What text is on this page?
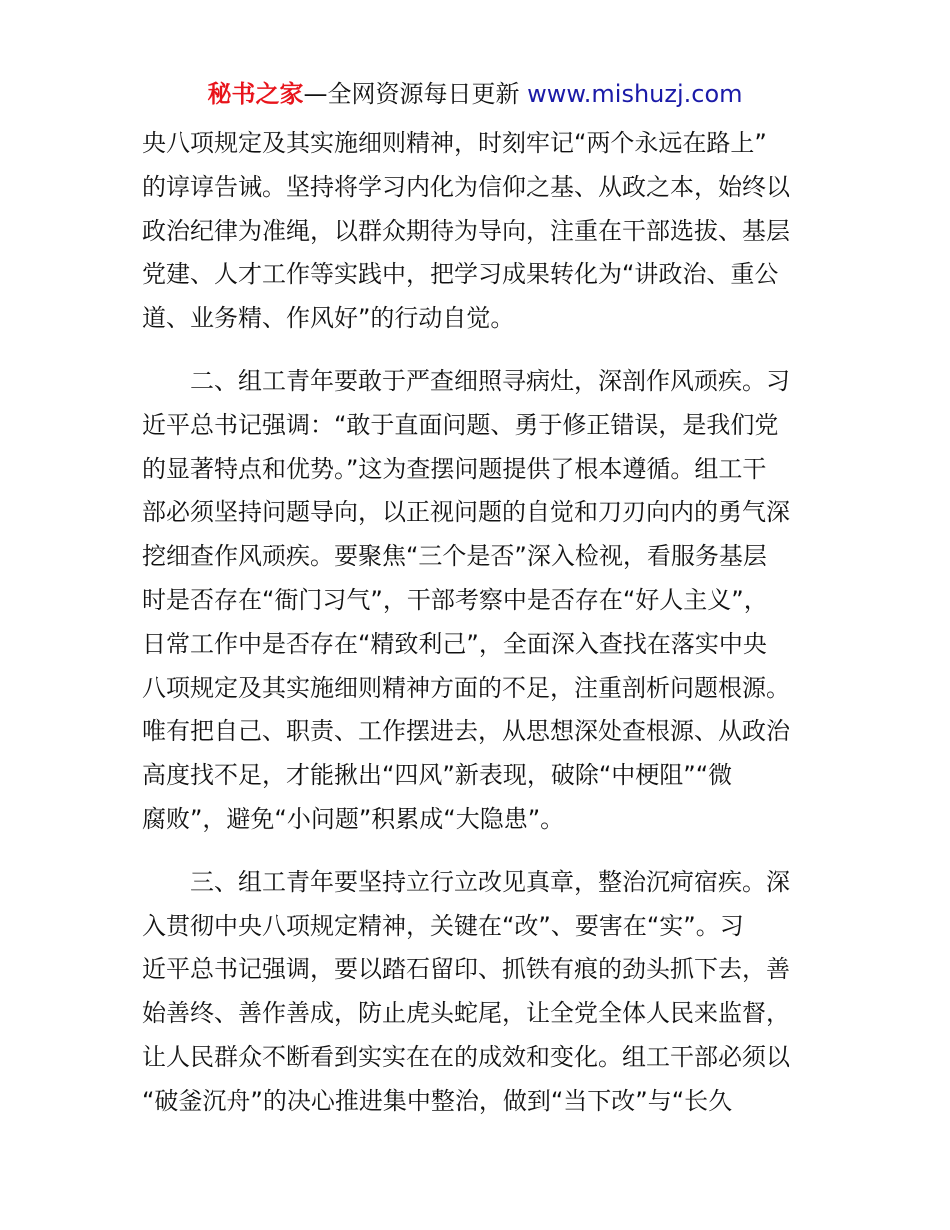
秘书之家—全网资源每日更新 www.mishuzj.com
央八项规定及其实施细则精神，时刻牢记“两个永远在路上”
的谆谆告诫。坚持将学习内化为信仰之基、从政之本，始终以
政治纪律为准绳，以群众期待为导向，注重在干部选拔、基层
党建、人才工作等实践中，把学习成果转化为“讲政治、重公
道、业务精、作风好”的行动自觉。
二、组工青年要敢于严查细照寻病灶，深剖作风顽疾。习
近平总书记强调：“敢于直面问题、勇于修正错误，是我们党
的显著特点和优势。”这为查摆问题提供了根本遵循。组工干
部必须坚持问题导向，以正视问题的自觉和刀刃向内的勇气深
挖细查作风顽疾。要聚焦“三个是否”深入检视，看服务基层
时是否存在“衙门习气”，干部考察中是否存在“好人主义”，
日常工作中是否存在“精致利己”，全面深入查找在落实中央
八项规定及其实施细则精神方面的不足，注重剖析问题根源。
唯有把自己、职责、工作摆进去，从思想深处查根源、从政治
高度找不足，才能揪出“四风”新表现，破除“中梗阻”“微
腐败”，避免“小问题”积累成“大隐患”。
三、组工青年要坚持立行立改见真章，整治沉疴宿疾。深
入贯彻中央八项规定精神，关键在“改”、要害在“实”。习
近平总书记强调，要以踏石留印、抓铁有痕的劲头抓下去，善
始善终、善作善成，防止虎头蛇尾，让全党全体人民来监督，
让人民群众不断看到实实在在的成效和变化。组工干部必须以
“破釜沉舟”的决心推进集中整治，做到“当下改”与“长久
